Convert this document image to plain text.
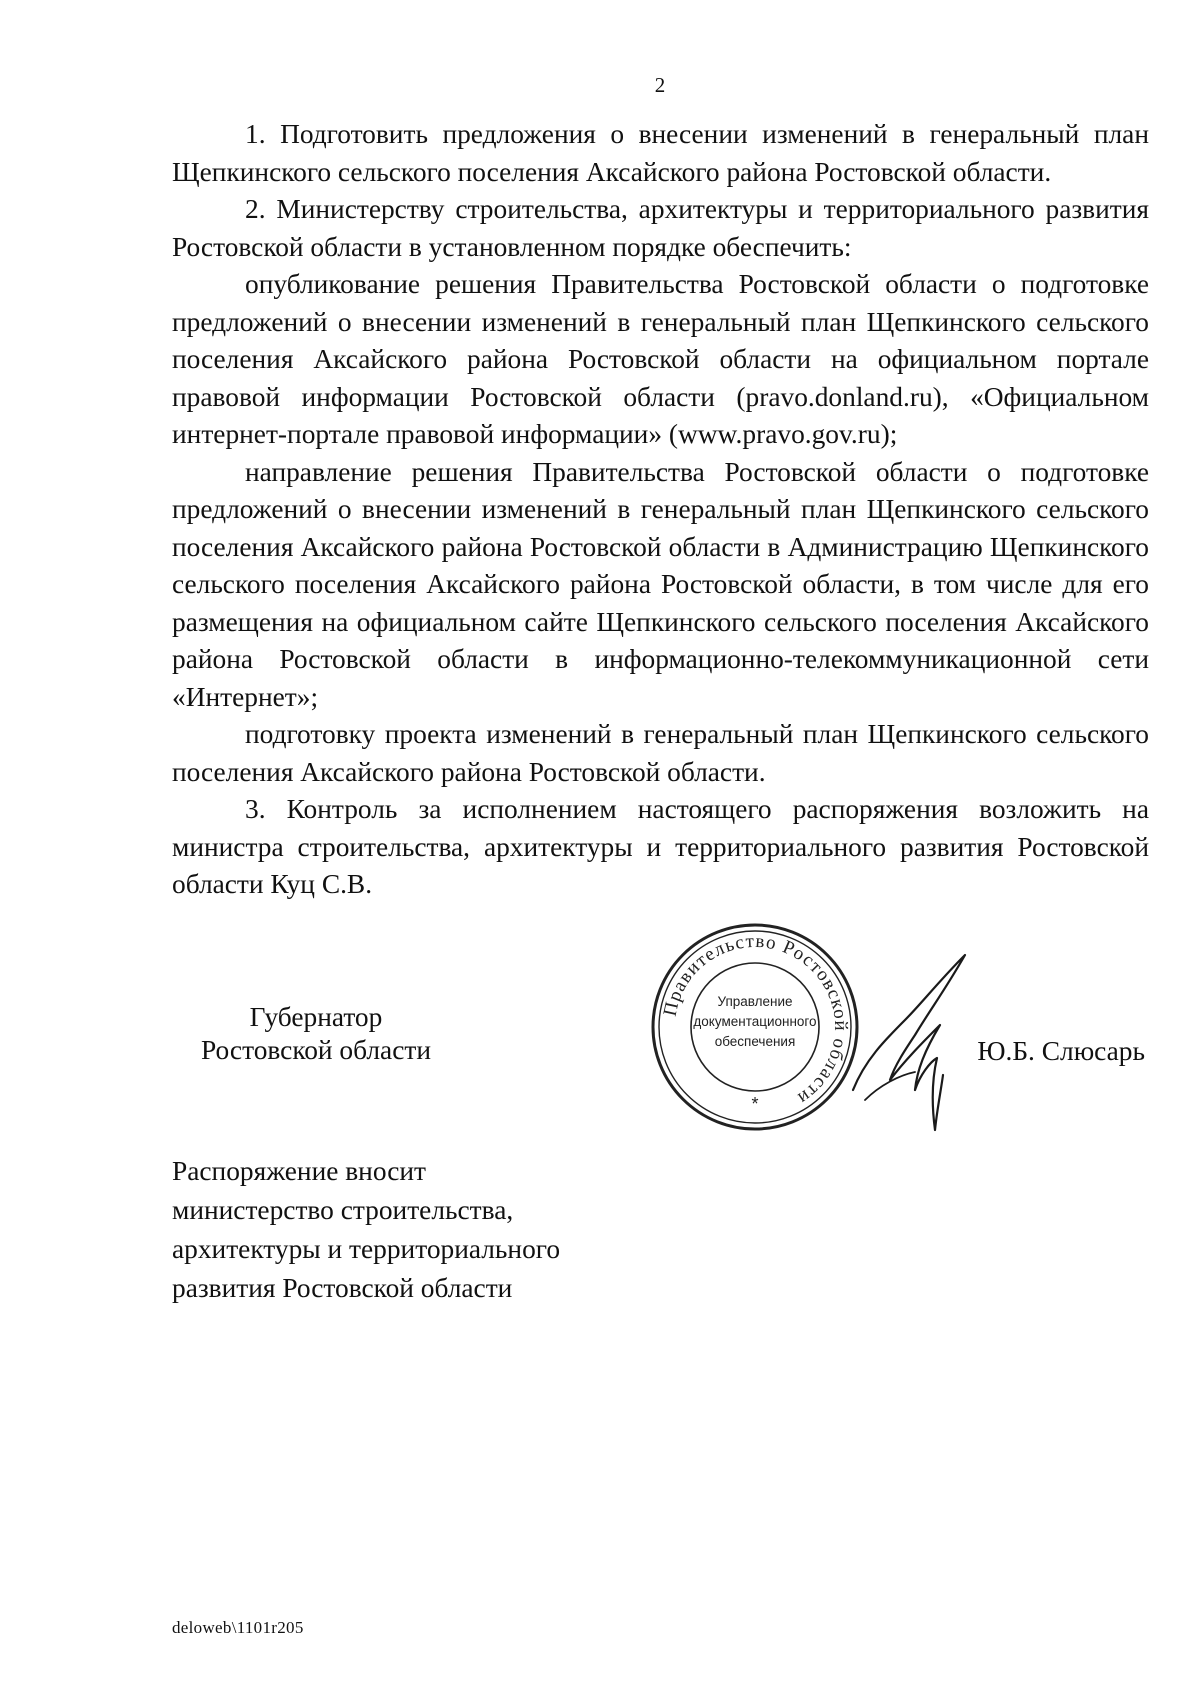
2

1. Подготовить предложения о внесении изменений в генеральный план Щепкинского сельского поселения Аксайского района Ростовской области.

2. Министерству строительства, архитектуры и территориального развития Ростовской области в установленном порядке обеспечить:

опубликование решения Правительства Ростовской области о подготовке предложений о внесении изменений в генеральный план Щепкинского сельского поселения Аксайского района Ростовской области на официальном портале правовой информации Ростовской области (pravo.donland.ru), «Официальном интернет-портале правовой информации» (www.pravo.gov.ru);

направление решения Правительства Ростовской области о подготовке предложений о внесении изменений в генеральный план Щепкинского сельского поселения Аксайского района Ростовской области в Администрацию Щепкинского сельского поселения Аксайского района Ростовской области, в том числе для его размещения на официальном сайте Щепкинского сельского поселения Аксайского района Ростовской области в информационно-телекоммуникационной сети «Интернет»;

подготовку проекта изменений в генеральный план Щепкинского сельского поселения Аксайского района Ростовской области.

3. Контроль за исполнением настоящего распоряжения возложить на министра строительства, архитектуры и территориального развития Ростовской области Куц С.В.

Губернатор
Ростовской области
Правительство Ростовской области
Управление
документационного
обеспечения
*
Ю.Б. Слюсарь
Распоряжение вносит
министерство строительства,
архитектуры и территориального
развития Ростовской области
deloweb\1101r205
